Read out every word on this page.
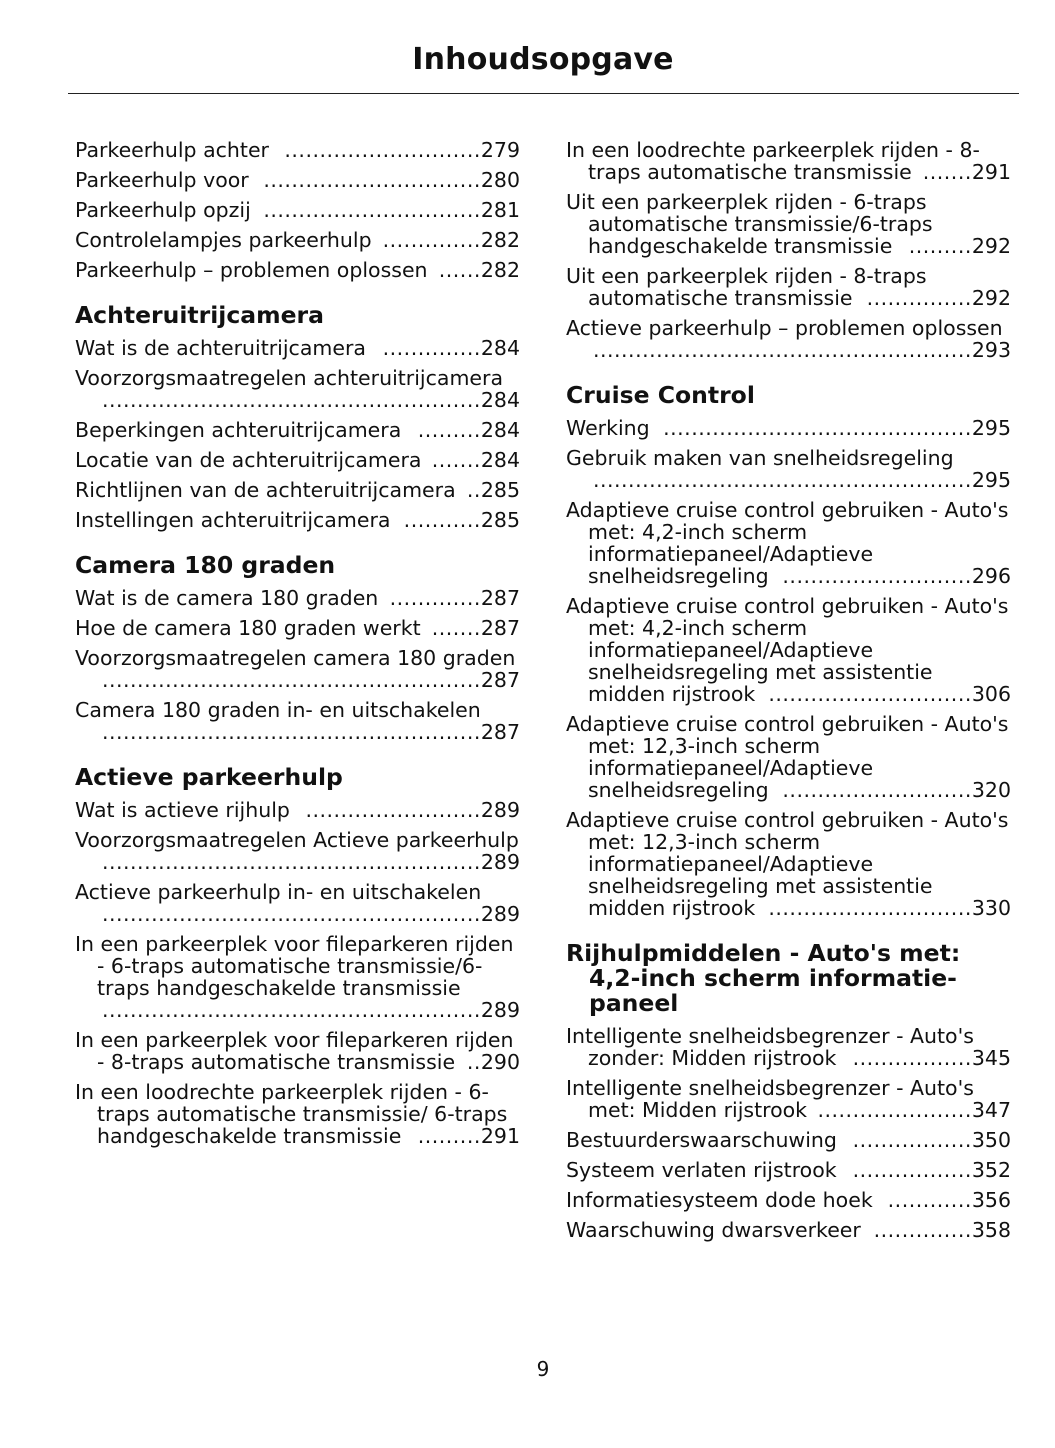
Inhoudsopgave
Parkeerhulp achter ............................279
Parkeerhulp voor ...............................280
Parkeerhulp opzij ...............................281
Controlelampjes parkeerhulp ..............282
Parkeerhulp – problemen oplossen ......282
Achteruitrijcamera
Wat is de achteruitrijcamera ..............284
Voorzorgsmaatregelen achteruitrijcamera
......................................................284
Beperkingen achteruitrijcamera .........284
Locatie van de achteruitrijcamera .......284
Richtlijnen van de achteruitrijcamera ..285
Instellingen achteruitrijcamera ...........285
Camera 180 graden
Wat is de camera 180 graden .............287
Hoe de camera 180 graden werkt .......287
Voorzorgsmaatregelen camera 180 graden
......................................................287
Camera 180 graden in- en uitschakelen
......................................................287
Actieve parkeerhulp
Wat is actieve rijhulp .........................289
Voorzorgsmaatregelen Actieve parkeerhulp
......................................................289
Actieve parkeerhulp in- en uitschakelen
......................................................289
In een parkeerplek voor fileparkeren rijden - 6-traps automatische transmissie/6-traps handgeschakelde transmissie
......................................................289
In een parkeerplek voor fileparkeren rijden - 8-traps automatische transmissie ..290
In een loodrechte parkeerplek rijden - 6-traps automatische transmissie/ 6-traps handgeschakelde transmissie .........291
In een loodrechte parkeerplek rijden - 8-traps automatische transmissie .......291
Uit een parkeerplek rijden - 6-traps automatische transmissie/6-traps handgeschakelde transmissie .........292
Uit een parkeerplek rijden - 8-traps automatische transmissie ...............292
Actieve parkeerhulp – problemen oplossen
......................................................293
Cruise Control
Werking ............................................295
Gebruik maken van snelheidsregeling
......................................................295
Adaptieve cruise control gebruiken - Auto's met: 4,2-inch scherm informatiepaneel/Adaptieve snelheidsregeling ...........................296
Adaptieve cruise control gebruiken - Auto's met: 4,2-inch scherm informatiepaneel/Adaptieve snelheidsregeling met assistentie midden rijstrook .............................306
Adaptieve cruise control gebruiken - Auto's met: 12,3-inch scherm informatiepaneel/Adaptieve snelheidsregeling ...........................320
Adaptieve cruise control gebruiken - Auto's met: 12,3-inch scherm informatiepaneel/Adaptieve snelheidsregeling met assistentie midden rijstrook .............................330
Rijhulpmiddelen - Auto's met: 4,2-inch scherm informatie- paneel
Intelligente snelheidsbegrenzer - Auto's zonder: Midden rijstrook .................345
Intelligente snelheidsbegrenzer - Auto's met: Midden rijstrook ......................347
Bestuurderswaarschuwing .................350
Systeem verlaten rijstrook .................352
Informatiesysteem dode hoek ............356
Waarschuwing dwarsverkeer ..............358
9
